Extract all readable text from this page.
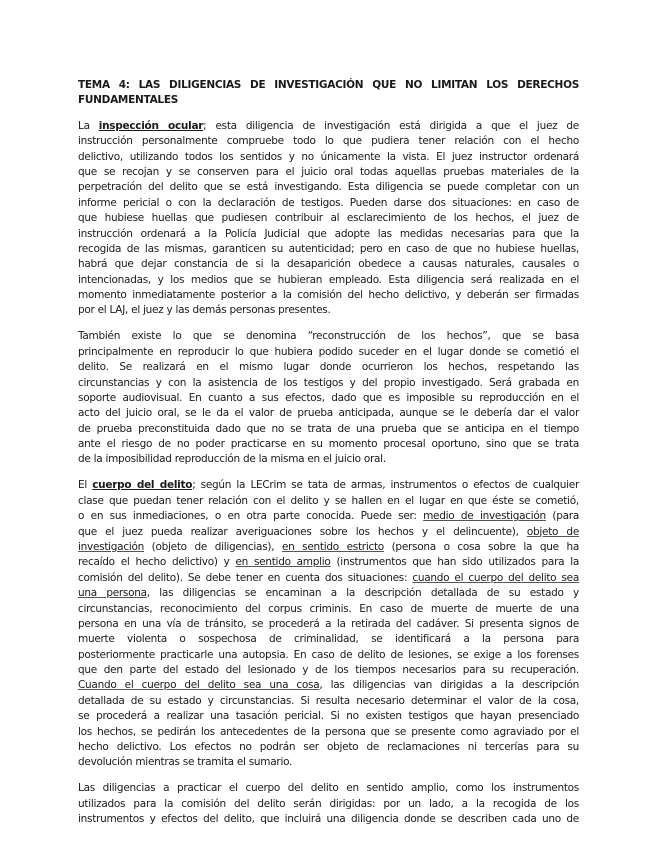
TEMA 4: LAS DILIGENCIAS DE INVESTIGACIÓN QUE NO LIMITAN LOS DERECHOS
FUNDAMENTALES
La inspección ocular; esta diligencia de investigación está dirigida a que el juez de
instrucción personalmente compruebe todo lo que pudiera tener relación con el hecho
delictivo, utilizando todos los sentidos y no únicamente la vista. El juez instructor ordenará
que se recojan y se conserven para el juicio oral todas aquellas pruebas materiales de la
perpetración del delito que se está investigando. Esta diligencia se puede completar con un
informe pericial o con la declaración de testigos. Pueden darse dos situaciones: en caso de
que hubiese huellas que pudiesen contribuir al esclarecimiento de los hechos, el juez de
instrucción ordenará a la Policía Judicial que adopte las medidas necesarias para que la
recogida de las mismas, garanticen su autenticidad; pero en caso de que no hubiese huellas,
habrá que dejar constancia de si la desaparición obedece a causas naturales, causales o
intencionadas, y los medios que se hubieran empleado. Esta diligencia será realizada en el
momento inmediatamente posterior a la comisión del hecho delictivo, y deberán ser firmadas
por el LAJ, el juez y las demás personas presentes.
También existe lo que se denomina “reconstrucción de los hechos”, que se basa
principalmente en reproducir lo que hubiera podido suceder en el lugar donde se cometió el
delito. Se realizará en el mismo lugar donde ocurrieron los hechos, respetando las
circunstancias y con la asistencia de los testigos y del propio investigado. Será grabada en
soporte audiovisual. En cuanto a sus efectos, dado que es imposible su reproducción en el
acto del juicio oral, se le da el valor de prueba anticipada, aunque se le debería dar el valor
de prueba preconstituida dado que no se trata de una prueba que se anticipa en el tiempo
ante el riesgo de no poder practicarse en su momento procesal oportuno, sino que se trata
de la imposibilidad reproducción de la misma en el juicio oral.
El cuerpo del delito; según la LECrim se tata de armas, instrumentos o efectos de cualquier
clase que puedan tener relación con el delito y se hallen en el lugar en que éste se cometió,
o en sus inmediaciones, o en otra parte conocida. Puede ser: medio de investigación (para
que el juez pueda realizar averiguaciones sobre los hechos y el delincuente), objeto de
investigación (objeto de diligencias), en sentido estricto (persona o cosa sobre la que ha
recaído el hecho delictivo) y en sentido amplio (instrumentos que han sido utilizados para la
comisión del delito). Se debe tener en cuenta dos situaciones: cuando el cuerpo del delito sea
una persona, las diligencias se encaminan a la descripción detallada de su estado y
circunstancias, reconocimiento del corpus criminis. En caso de muerte de muerte de una
persona en una vía de tránsito, se procederá a la retirada del cadáver. Si presenta signos de
muerte violenta o sospechosa de criminalidad, se identificará a la persona para
posteriormente practicarle una autopsia. En caso de delito de lesiones, se exige a los forenses
que den parte del estado del lesionado y de los tiempos necesarios para su recuperación.
Cuando el cuerpo del delito sea una cosa, las diligencias van dirigidas a la descripción
detallada de su estado y circunstancias. Si resulta necesario determinar el valor de la cosa,
se procederá a realizar una tasación pericial. Si no existen testigos que hayan presenciado
los hechos, se pedirán los antecedentes de la persona que se presente como agraviado por el
hecho delictivo. Los efectos no podrán ser objeto de reclamaciones ni tercerías para su
devolución mientras se tramita el sumario.
Las diligencias a practicar el cuerpo del delito en sentido amplio, como los instrumentos
utilizados para la comisión del delito serán dirigidas: por un lado, a la recogida de los
instrumentos y efectos del delito, que incluirá una diligencia donde se describen cada uno de
